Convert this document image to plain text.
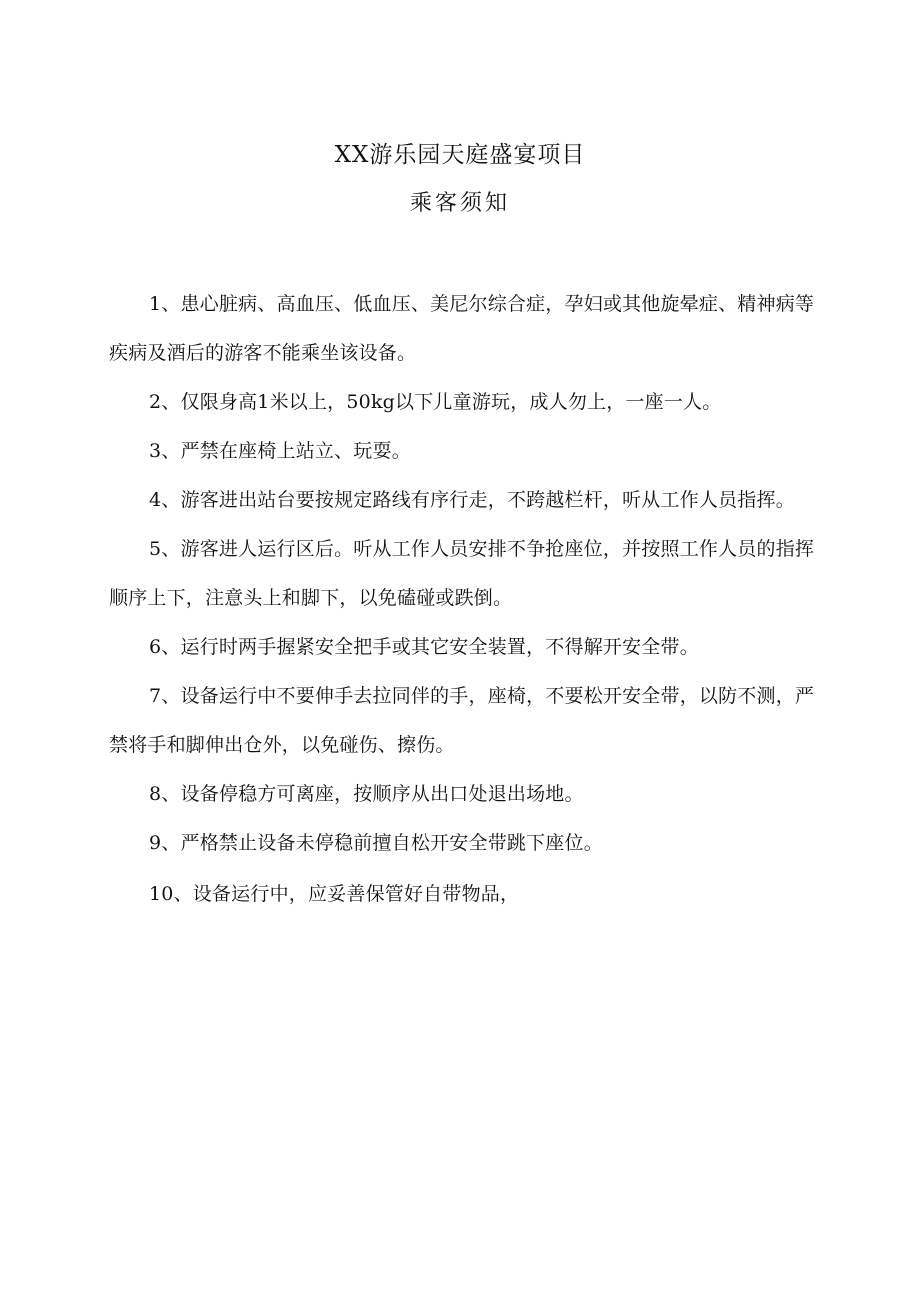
XX游乐园天庭盛宴项目
乘客须知
1、患心脏病、高血压、低血压、美尼尔综合症，孕妇或其他旋晕症、精神病等疾病及酒后的游客不能乘坐该设备。
2、仅限身高1米以上，50kg以下儿童游玩，成人勿上，一座一人。
3、严禁在座椅上站立、玩耍。
4、游客进出站台要按规定路线有序行走，不跨越栏杆，听从工作人员指挥。
5、游客进人运行区后。听从工作人员安排不争抢座位，并按照工作人员的指挥顺序上下，注意头上和脚下，以免磕碰或跌倒。
6、运行时两手握紧安全把手或其它安全装置，不得解开安全带。
7、设备运行中不要伸手去拉同伴的手，座椅，不要松开安全带，以防不测，严禁将手和脚伸出仓外，以免碰伤、擦伤。
8、设备停稳方可离座，按顺序从出口处退出场地。
9、严格禁止设备未停稳前擅自松开安全带跳下座位。
10、设备运行中，应妥善保管好自带物品，
